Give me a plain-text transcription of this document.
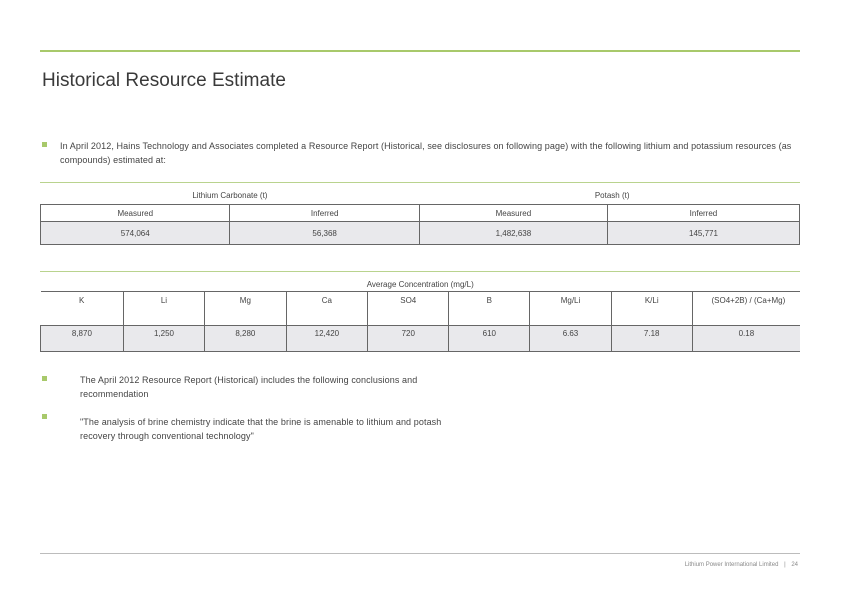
Historical Resource Estimate
In April 2012, Hains Technology and Associates completed a Resource Report (Historical, see disclosures on following page) with the following lithium and potassium resources (as compounds) estimated at:
Lithium Carbonate (t)		Potash (t)	
Measured	Inferred	Measured	Inferred
574,064	56,368	1,482,638	145,771
Average Concentration (mg/L)								
K	Li	Mg	Ca	SO4	B	Mg/Li	K/Li	(SO4+2B) / (Ca+Mg)
8,870	1,250	8,280	12,420	720	610	6.63	7.18	0.18
The April 2012 Resource Report (Historical) includes the following conclusions and recommendation
"The analysis of brine chemistry indicate that the brine is amenable to lithium and potash recovery through conventional technology"
Lithium Power International Limited | 24
